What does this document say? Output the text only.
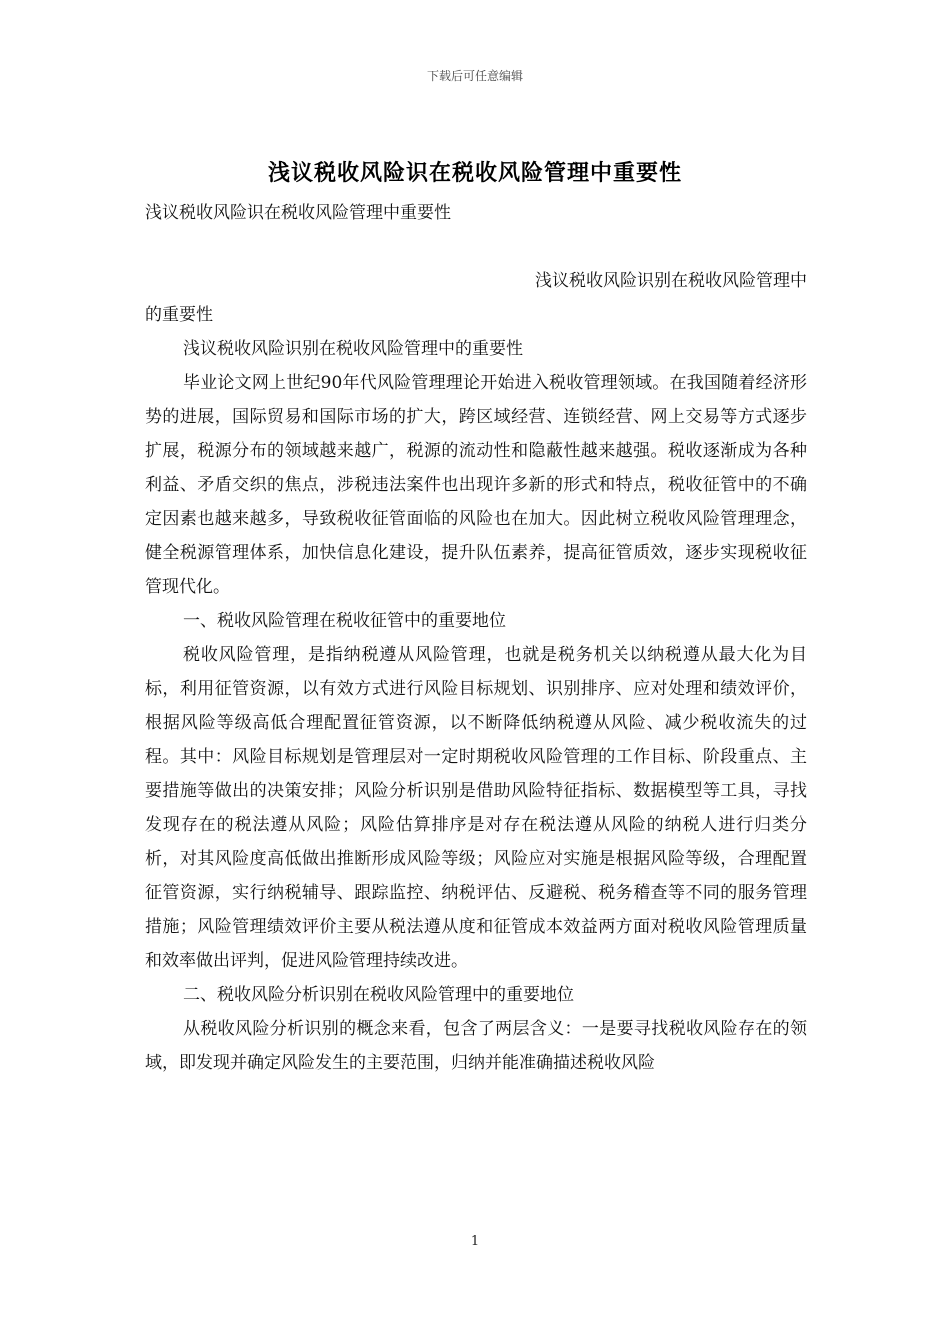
下载后可任意编辑
浅议税收风险识在税收风险管理中重要性

浅议税收风险识在税收风险管理中重要性

浅议税收风险识别在税收风险管理中

的重要性

浅议税收风险识别在税收风险管理中的重要性

毕业论文网上世纪90年代风险管理理论开始进入税收管理领域。在我国随着经济形势的进展，国际贸易和国际市场的扩大，跨区域经营、连锁经营、网上交易等方式逐步扩展，税源分布的领域越来越广，税源的流动性和隐蔽性越来越强。税收逐渐成为各种利益、矛盾交织的焦点，涉税违法案件也出现许多新的形式和特点，税收征管中的不确定因素也越来越多，导致税收征管面临的风险也在加大。因此树立税收风险管理理念，健全税源管理体系，加快信息化建设，提升队伍素养，提高征管质效，逐步实现税收征管现代化。

一、税收风险管理在税收征管中的重要地位

税收风险管理，是指纳税遵从风险管理，也就是税务机关以纳税遵从最大化为目标，利用征管资源，以有效方式进行风险目标规划、识别排序、应对处理和绩效评价，根据风险等级高低合理配置征管资源，以不断降低纳税遵从风险、减少税收流失的过程。其中：风险目标规划是管理层对一定时期税收风险管理的工作目标、阶段重点、主要措施等做出的决策安排；风险分析识别是借助风险特征指标、数据模型等工具，寻找发现存在的税法遵从风险；风险估算排序是对存在税法遵从风险的纳税人进行归类分析，对其风险度高低做出推断形成风险等级；风险应对实施是根据风险等级，合理配置征管资源，实行纳税辅导、跟踪监控、纳税评估、反避税、税务稽查等不同的服务管理措施；风险管理绩效评价主要从税法遵从度和征管成本效益两方面对税收风险管理质量和效率做出评判，促进风险管理持续改进。

二、税收风险分析识别在税收风险管理中的重要地位

从税收风险分析识别的概念来看，包含了两层含义：一是要寻找税收风险存在的领域，即发现并确定风险发生的主要范围，归纳并能准确描述税收风险

1
